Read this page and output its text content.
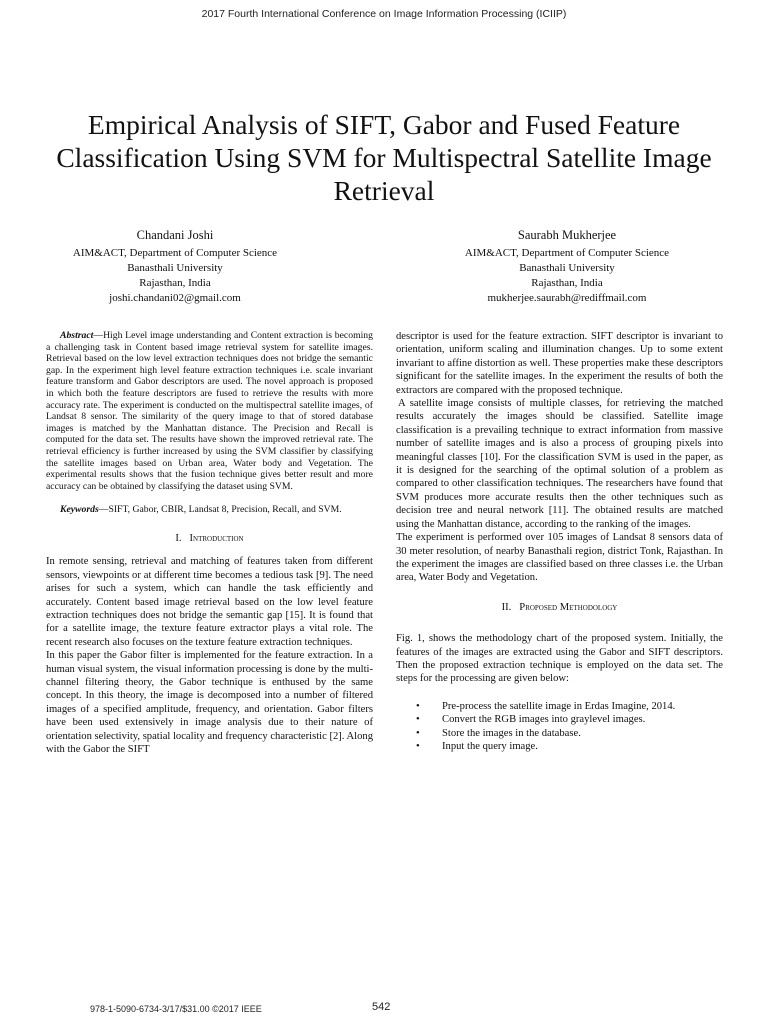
2017 Fourth International Conference on Image Information Processing (ICIIP)
Empirical Analysis of SIFT, Gabor and Fused Feature Classification Using SVM for Multispectral Satellite Image Retrieval
Chandani Joshi
AIM&ACT, Department of Computer Science
Banasthali University
Rajasthan, India
joshi.chandani02@gmail.com
Saurabh Mukherjee
AIM&ACT, Department of Computer Science
Banasthali University
Rajasthan, India
mukherjee.saurabh@rediffmail.com

Abstract—High Level image understanding and Content extraction is becoming a challenging task in Content based image retrieval system for satellite images. Retrieval based on the low level extraction techniques does not bridge the semantic gap. In the experiment high level feature extraction techniques i.e. scale invariant feature transform and Gabor descriptors are used. The novel approach is proposed in which both the feature descriptors are fused to retrieve the results with more accuracy rate. The experiment is conducted on the multispectral satellite images, of Landsat 8 sensor. The similarity of the query image to that of stored database images is matched by the Manhattan distance. The Precision and Recall is computed for the data set. The results have shown the improved retrieval rate. The retrieval efficiency is further increased by using the SVM classifier by classifying the satellite images based on Urban area, Water body and Vegetation. The experimental results shows that the fusion technique gives better result and more accuracy can be obtained by classifying the dataset using SVM.

Keywords—SIFT, Gabor, CBIR, Landsat 8, Precision, Recall, and SVM.

I. Introduction

In remote sensing, retrieval and matching of features taken from different sensors, viewpoints or at different time becomes a tedious task [9]. The need arises for such a system, which can handle the task efficiently and accurately. Content based image retrieval based on the low level feature extraction techniques does not bridge the semantic gap [15]. It is found that for a satellite image, the texture feature extractor plays a vital role. The recent research also focuses on the texture feature extraction techniques.

In this paper the Gabor filter is implemented for the feature extraction. In a human visual system, the visual information processing is done by the multi-channel filtering theory, the Gabor technique is enthused by the same concept. In this theory, the image is decomposed into a number of filtered images of a specified amplitude, frequency, and orientation. Gabor filters have been used extensively in image analysis due to their nature of orientation selectivity, spatial locality and frequency characteristic [2]. Along with the Gabor the SIFT

descriptor is used for the feature extraction. SIFT descriptor is invariant to orientation, uniform scaling and illumination changes. Up to some extent invariant to affine distortion as well. These properties make these descriptors significant for the satellite images. In the experiment the results of both the extractors are compared with the proposed technique.

A satellite image consists of multiple classes, for retrieving the matched results accurately the images should be classified. Satellite image classification is a prevailing technique to extract information from massive number of satellite images and is also a process of grouping pixels into meaningful classes [10]. For the classification SVM is used in the paper, as it is designed for the searching of the optimal solution of a problem as compared to other classification techniques. The researchers have found that SVM produces more accurate results then the other techniques such as decision tree and neural network [11]. The obtained results are matched using the Manhattan distance, according to the ranking of the images.

The experiment is performed over 105 images of Landsat 8 sensors data of 30 meter resolution, of nearby Banasthali region, district Tonk, Rajasthan. In the experiment the images are classified based on three classes i.e. the Urban area, Water Body and Vegetation.

II. Proposed Methodology

Fig. 1, shows the methodology chart of the proposed system. Initially, the features of the images are extracted using the Gabor and SIFT descriptors. Then the proposed extraction technique is employed on the data set. The steps for the processing are given below:

• Pre-process the satellite image in Erdas Imagine, 2014.
• Convert the RGB images into graylevel images.
• Store the images in the database.
• Input the query image.
978-1-5090-6734-3/17/$31.00 ©2017 IEEE	542
